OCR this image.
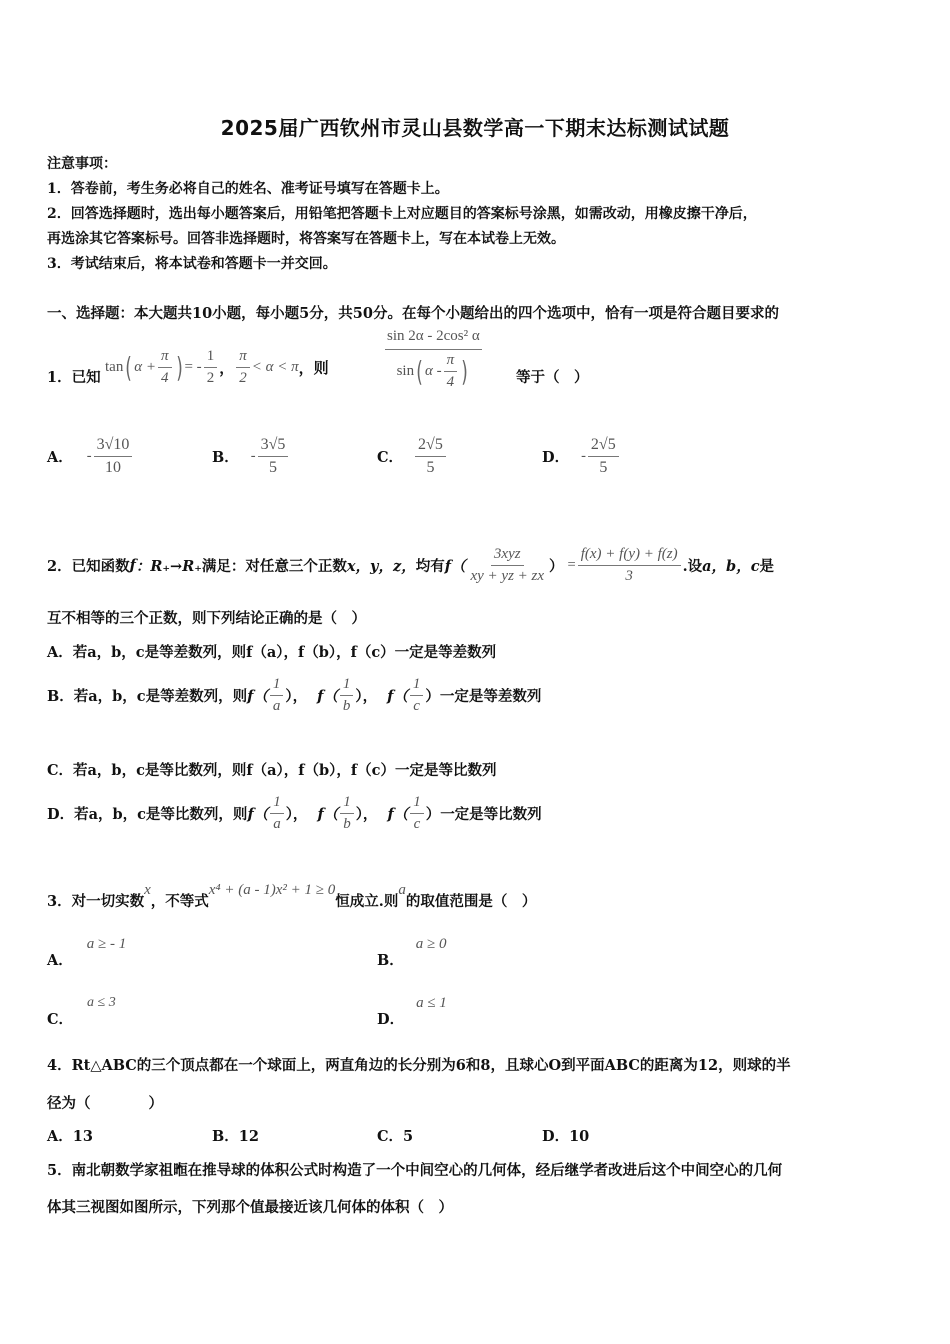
2025届广西钦州市灵山县数学高一下期末达标测试试题
注意事项：
1．答卷前，考生务必将自己的姓名、准考证号填写在答题卡上。
2．回答选择题时，选出每小题答案后，用铅笔把答题卡上对应题目的答案标号涂黑，如需改动，用橡皮擦干净后，
再选涂其它答案标号。回答非选择题时，将答案写在答题卡上，写在本试卷上无效。
3．考试结束后，将本试卷和答题卡一并交回。
一、选择题：本大题共10小题，每小题5分，共50分。在每个小题给出的四个选项中，恰有一项是符合题目要求的
1．已知
tan ( $\alpha + \frac{\pi}{4}$ ) = - $\frac{1}{2}$ ， $\frac{\pi}{2} < \alpha < \pi$ ，则
sin 2α - 2cos² α
sin ( α - $\frac{\pi}{4}$ )	等于（　）
A． - $\frac{3√10}{10}$	B． - $\frac{3√5}{5}$	C． $\frac{2√5}{5}$	D． - $\frac{2√5}{5}$
2．已知函数 f ：R₊→R₊ 满足：对任意三个正数 x，y，z， 均有 $f( \frac{\text{3xyz}}{xy + yz + zx}$ ） = $\frac{f(x) + f(y) + f(z)}{3}$ .设 a，b，c 是
互不相等的三个正数，则下列结论正确的是（　）
A．若a，b，c是等差数列，则f（a），f（b），f（c）一定是等差数列
B．若a，b，c是等差数列，则 $f( \frac{1}{a}$ ）， $f( \frac{1}{b}$ ）， $f( \frac{1}{c}$ ） 一定是等差数列
C．若a，b，c是等比数列，则f（a），f（b），f（c）一定是等比数列
D．若a，b，c是等比数列，则 $f( \frac{1}{a}$ ）， $f( \frac{1}{b}$ ）， $f( \frac{1}{c}$ ） 一定是等比数列
3．对一切实数
x
，不等式
x⁴ + (a - 1)x² + 1 ≥ 0
恒成立.则
a
的取值范围是（　）
A．
a ≥ - 1
B．
a ≥ 0
C．
a ≤ 3
D．
a ≤ 1
4．Rt△ABC的三个顶点都在一个球面上，两直角边的长分别为6和8，且球心O到平面ABC的距离为12，则球的半
径为（　　　　）
A．13	B．12	C．5	D．10
5．南北朝数学家祖暅在推导球的体积公式时构造了一个中间空心的几何体，经后继学者改进后这个中间空心的几何
体其三视图如图所示，下列那个值最接近该几何体的体积（　）
